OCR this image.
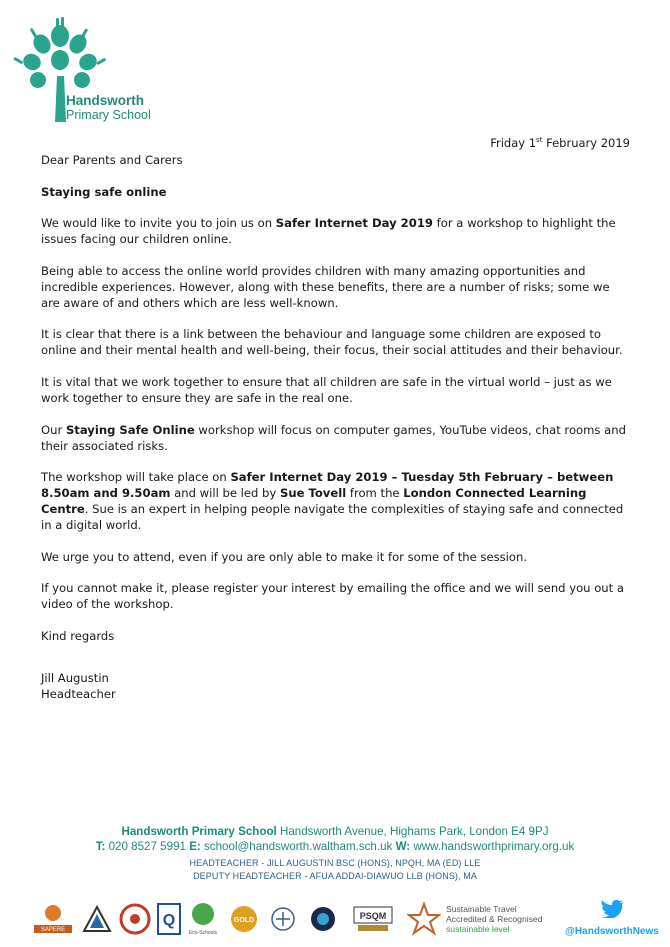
Handsworth
Primary School
Friday 1st February 2019

Dear Parents and Carers

Staying safe online

We would like to invite you to join us on Safer Internet Day 2019 for a workshop to highlight the issues facing our children online.

Being able to access the online world provides children with many amazing opportunities and incredible experiences. However, along with these benefits, there are a number of risks; some we are aware of and others which are less well-known.

It is clear that there is a link between the behaviour and language some children are exposed to online and their mental health and well-being, their focus, their social attitudes and their behaviour.

It is vital that we work together to ensure that all children are safe in the virtual world – just as we work together to ensure they are safe in the real one.

Our Staying Safe Online workshop will focus on computer games, YouTube videos, chat rooms and their associated risks.

The workshop will take place on Safer Internet Day 2019 – Tuesday 5th February – between 8.50am and 9.50am and will be led by Sue Tovell from the London Connected Learning Centre. Sue is an expert in helping people navigate the complexities of staying safe and connected in a digital world.

We urge you to attend, even if you are only able to make it for some of the session.

If you cannot make it, please register your interest by emailing the office and we will send you out a video of the workshop.

Kind regards

Jill Augustin
Headteacher
Handsworth Primary School Handsworth Avenue, Highams Park, London E4 9PJ
T: 020 8527 5991 E: school@handsworth.waltham.sch.uk W: www.handsworthprimary.org.uk
HEADTEACHER - JILL AUGUSTIN BSC (HONS), NPQH, MA (ED) LLE
DEPUTY HEADTEACHER - AFUA ADDAI-DIAWUO LLB (HONS), MA
SAPERE
Q
Eco-Schools
GOLD	PSQM
Sustainable Travel
Accredited & Recognised
sustainable level	@HandsworthNews
